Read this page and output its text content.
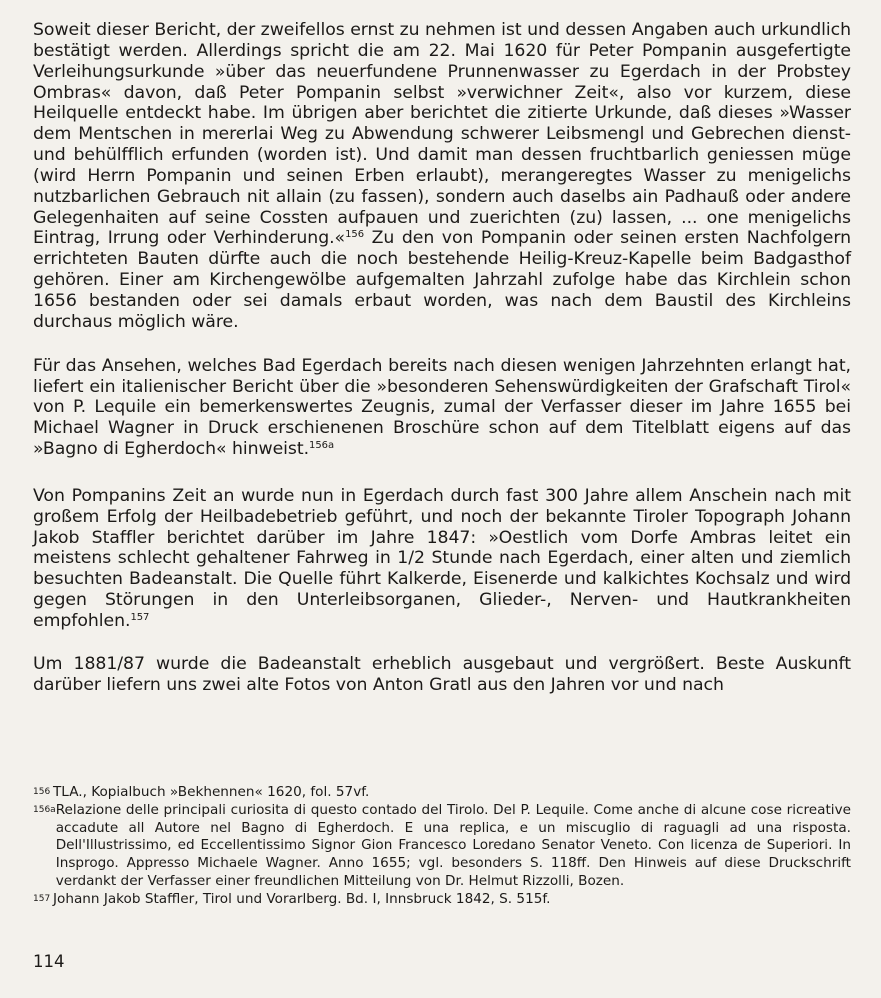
Soweit dieser Bericht, der zweifellos ernst zu nehmen ist und dessen Angaben auch urkundlich bestätigt werden. Allerdings spricht die am 22. Mai 1620 für Peter Pompanin ausgefertigte Verleihungsurkunde »über das neuerfundene Prunnenwasser zu Egerdach in der Probstey Ombras« davon, daß Peter Pompanin selbst »verwichner Zeit«, also vor kurzem, diese Heilquelle entdeckt habe. Im übrigen aber berichtet die zitierte Urkunde, daß dieses »Wasser dem Mentschen in mererlai Weg zu Abwendung schwerer Leibsmengl und Gebrechen dienst- und behülfflich erfunden (worden ist). Und damit man dessen fruchtbarlich geniessen müge (wird Herrn Pompanin und seinen Erben erlaubt), merangeregtes Wasser zu menigelichs nutzbarlichen Gebrauch nit allain (zu fassen), sondern auch daselbs ain Padhauß oder andere Gelegenhaiten auf seine Cossten aufpauen und zuerichten (zu) lassen, ... one menigelichs Eintrag, Irrung oder Verhinderung.«$^{156}$ Zu den von Pompanin oder seinen ersten Nachfolgern errichteten Bauten dürfte auch die noch bestehende Heilig-Kreuz-Kapelle beim Badgasthof gehören. Einer am Kirchengewölbe aufgemalten Jahrzahl zufolge habe das Kirchlein schon 1656 bestanden oder sei damals erbaut worden, was nach dem Baustil des Kirchleins durchaus möglich wäre.

Für das Ansehen, welches Bad Egerdach bereits nach diesen wenigen Jahrzehnten erlangt hat, liefert ein italienischer Bericht über die »besonderen Sehenswürdigkeiten der Grafschaft Tirol« von P. Lequile ein bemerkenswertes Zeugnis, zumal der Verfasser dieser im Jahre 1655 bei Michael Wagner in Druck erschienenen Broschüre schon auf dem Titelblatt eigens auf das »Bagno di Egherdoch« hinweist.$^{156a}$

Von Pompanins Zeit an wurde nun in Egerdach durch fast 300 Jahre allem Anschein nach mit großem Erfolg der Heilbadebetrieb geführt, und noch der bekannte Tiroler Topograph Johann Jakob Staffler berichtet darüber im Jahre 1847: »Oestlich vom Dorfe Ambras leitet ein meistens schlecht gehaltener Fahrweg in 1/2 Stunde nach Egerdach, einer alten und ziemlich besuchten Badeanstalt. Die Quelle führt Kalkerde, Eisenerde und kalkichtes Kochsalz und wird gegen Störungen in den Unterleibsorganen, Glieder-, Nerven- und Hautkrankheiten empfohlen.$^{157}$

Um 1881/87 wurde die Badeanstalt erheblich ausgebaut und vergrößert. Beste Auskunft darüber liefern uns zwei alte Fotos von Anton Gratl aus den Jahren vor und nach

156 TLA., Kopialbuch »Bekhennen« 1620, fol. 57vf.
156a Relazione delle principali curiosita di questo contado del Tirolo. Del P. Lequile. Come anche di alcune cose ricreative accadute all Autore nel Bagno di Egherdoch. E una replica, e un miscuglio di raguagli ad una risposta. Dell'Illustrissimo, ed Eccellentissimo Signor Gion Francesco Loredano Senator Veneto. Con licenza de Superiori. In Insprogo. Appresso Michaele Wagner. Anno 1655; vgl. besonders S. 118ff. Den Hinweis auf diese Druckschrift verdankt der Verfasser einer freundlichen Mitteilung von Dr. Helmut Rizzolli, Bozen.
157 Johann Jakob Staffler, Tirol und Vorarlberg. Bd. I, Innsbruck 1842, S. 515f.
114
